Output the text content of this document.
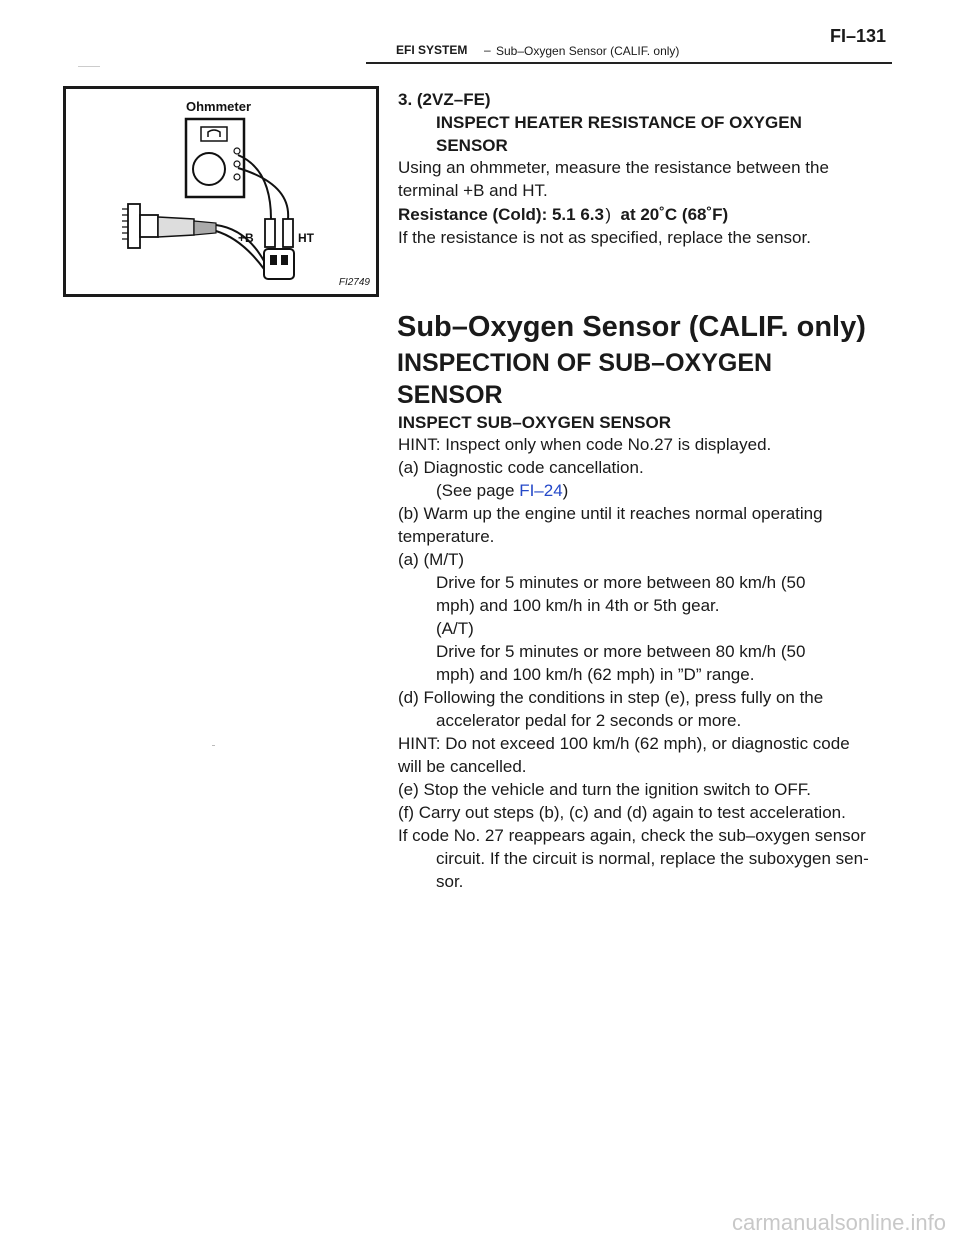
FI–131
EFI SYSTEM – Sub–Oxygen Sensor (CALIF. only)
Ohmmeter
+B	HT
FI2749
3. (2VZ–FE)
INSPECT HEATER RESISTANCE OF OXYGEN
SENSOR
Using an ohmmeter, measure the resistance between the
terminal +B and HT.
Resistance (Cold): 5.1 6.3 )  at 20˚C (68˚F)
If the resistance is not as specified, replace the sensor.
Sub–Oxygen Sensor (CALIF. only)
INSPECTION OF SUB–OXYGEN
SENSOR
INSPECT SUB–OXYGEN SENSOR
HINT: Inspect only when code No.27 is displayed.
(a) Diagnostic code cancellation.
(See page FI–24)
(b) Warm up the engine until it reaches normal operating
temperature.
(a) (M/T)
Drive for 5 minutes or more between 80 km/h (50
mph) and 100 km/h in 4th or 5th gear.
(A/T)
Drive for 5 minutes or more between 80 km/h (50
mph) and 100 km/h (62 mph) in ”D” range.
(d) Following the conditions in step (e), press fully on the
accelerator pedal for 2 seconds or more.
HINT: Do not exceed 100 km/h (62 mph), or diagnostic code
will be cancelled.
(e) Stop the vehicle and turn the ignition switch to OFF.
(f) Carry out steps (b), (c) and (d) again to test acceleration.
If code No. 27 reappears again, check the sub–oxygen sensor
circuit. If the circuit is normal, replace the suboxygen sen-
sor.
carmanualsonline.info
